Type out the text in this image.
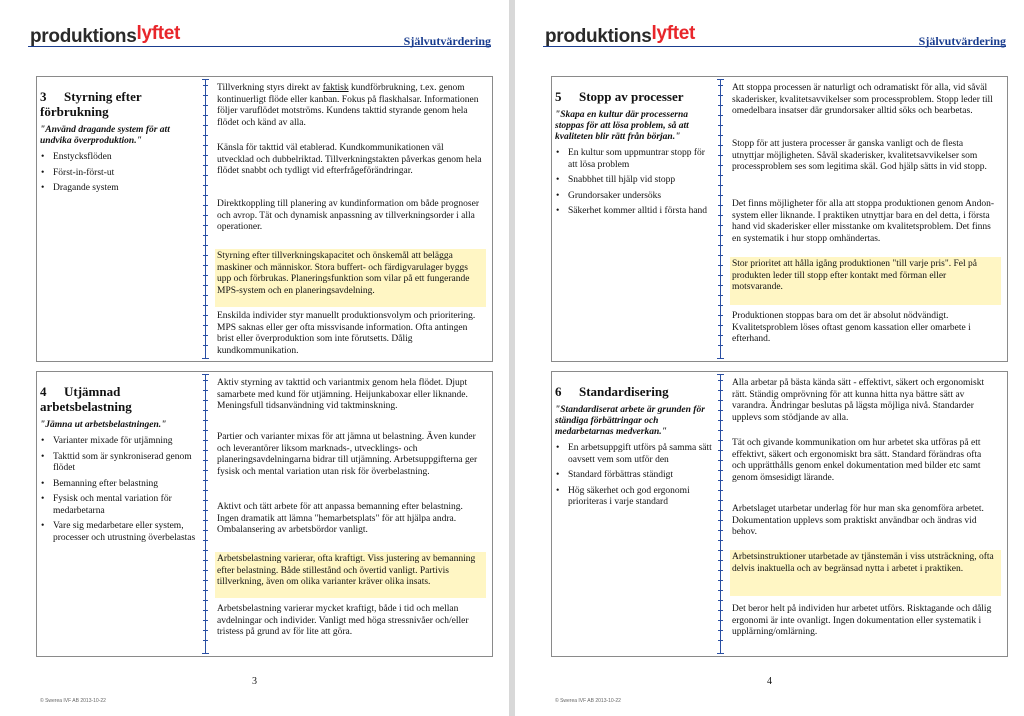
produktionslyftet	Självutvärdering
3 Styrning efter förbrukning
"Använd dragande system för att undvika överproduktion."
• Enstycksflöden
• Först-in-först-ut
• Dragande system
Tillverkning styrs direkt av faktisk kundförbrukning, t.ex. genom kontinuerligt flöde eller kanban. Fokus på flaskhalsar. Informationen följer varuflödet motströms. Kundens takttid styrande genom hela flödet och känd av alla.
Känsla för takttid väl etablerad. Kundkommunikationen väl utvecklad och dubbelriktad. Tillverkningstakten påverkas genom hela flödet snabbt och tydligt vid efterfrågeförändringar.
Direktkoppling till planering av kundinformation om både prognoser och avrop. Tät och dynamisk anpassning av tillverkningsorder i alla operationer.
Styrning efter tillverkningskapacitet och önskemål att belägga maskiner och människor. Stora buffert- och färdigvarulager byggs upp och förbrukas. Planeringsfunktion som vilar på ett fungerande MPS-system och en planeringsavdelning.
Enskilda individer styr manuellt produktionsvolym och prioritering. MPS saknas eller ger ofta missvisande information. Ofta antingen brist eller överproduktion som inte förutsetts. Dålig kundkommunikation.
4 Utjämnad arbetsbelastning
"Jämna ut arbetsbelastningen."
• Varianter mixade för utjämning
• Takttid som är synkroniserad genom flödet
• Bemanning efter belastning
• Fysisk och mental variation för medarbetarna
• Vare sig medarbetare eller system, processer och utrustning överbelastas
Aktiv styrning av takttid och variantmix genom hela flödet. Djupt samarbete med kund för utjämning. Heijunkaboxar eller liknande. Meningsfull tidsanvändning vid taktminskning.
Partier och varianter mixas för att jämna ut belastning. Även kunder och leverantörer liksom marknads-, utvecklings- och planeringsavdelningarna bidrar till utjämning. Arbetsuppgifterna ger fysisk och mental variation utan risk för överbelastning.
Aktivt och tätt arbete för att anpassa bemanning efter belastning. Ingen dramatik att lämna "hemarbetsplats" för att hjälpa andra. Ombalansering av arbetsbördor vanligt.
Arbetsbelastning varierar, ofta kraftigt. Viss justering av bemanning efter belastning. Både stillestånd och övertid vanligt. Partivis tillverkning, även om olika varianter kräver olika insats.
Arbetsbelastning varierar mycket kraftigt, både i tid och mellan avdelningar och individer. Vanligt med höga stressnivåer och/eller tristess på grund av för lite att göra.
3
© Swerea IVF AB 2013-10-22
produktionslyftet	Självutvärdering
5 Stopp av processer
"Skapa en kultur där processerna stoppas för att lösa problem, så att kvaliteten blir rätt från början."
• En kultur som uppmuntrar stopp för att lösa problem
• Snabbhet till hjälp vid stopp
• Grundorsaker undersöks
• Säkerhet kommer alltid i första hand
Att stoppa processen är naturligt och odramatiskt för alla, vid såväl skaderisker, kvalitetsavvikelser som processproblem. Stopp leder till omedelbara insatser där grundorsaker alltid söks och bearbetas.
Stopp för att justera processer är ganska vanligt och de flesta utnyttjar möjligheten. Såväl skaderisker, kvalitetsavvikelser som processproblem ses som legitima skäl. God hjälp sätts in vid stopp.
Det finns möjligheter för alla att stoppa produktionen genom Andon-system eller liknande. I praktiken utnyttjar bara en del detta, i första hand vid skaderisker eller misstanke om kvalitetsproblem. Det finns en systematik i hur stopp omhändertas.
Stor prioritet att hålla igång produktionen "till varje pris". Fel på produkten leder till stopp efter kontakt med förman eller motsvarande.
Produktionen stoppas bara om det är absolut nödvändigt. Kvalitetsproblem löses oftast genom kassation eller omarbete i efterhand.
6 Standardisering
"Standardiserat arbete är grunden för ständiga förbättringar och medarbetarnas medverkan."
• En arbetsuppgift utförs på samma sätt oavsett vem som utför den
• Standard förbättras ständigt
• Hög säkerhet och god ergonomi prioriteras i varje standard
Alla arbetar på bästa kända sätt - effektivt, säkert och ergonomiskt rätt. Ständig omprövning för att kunna hitta nya bättre sätt av varandra. Ändringar beslutas på lägsta möjliga nivå. Standarder upplevs som stödjande av alla.
Tät och givande kommunikation om hur arbetet ska utföras på ett effektivt, säkert och ergonomiskt bra sätt. Standard förändras ofta och upprätthålls genom enkel dokumentation med bilder etc samt genom ömsesidigt lärande.
Arbetslaget utarbetar underlag för hur man ska genomföra arbetet. Dokumentation upplevs som praktiskt användbar och ändras vid behov.
Arbetsinstruktioner utarbetade av tjänstemän i viss utsträckning, ofta delvis inaktuella och av begränsad nytta i arbetet i praktiken.
Det beror helt på individen hur arbetet utförs. Risktagande och dålig ergonomi är inte ovanligt. Ingen dokumentation eller systematik i upplärning/omlärning.
4
© Swerea IVF AB 2013-10-22
